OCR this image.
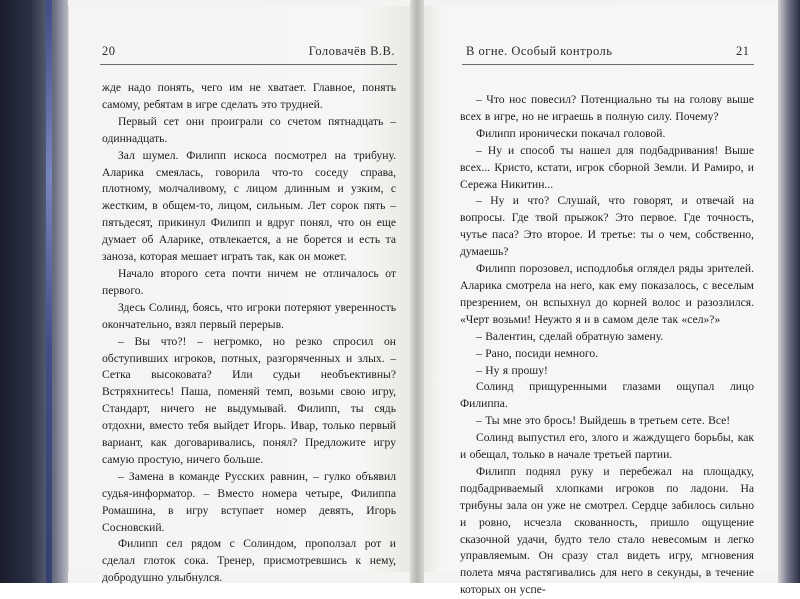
20	Головачёв В.В.	В огне. Особый контроль	21

жде надо понять, чего им не хватает. Главное, понять самому, ребятам в игре сделать это трудней.

Первый сет они проиграли со счетом пятнадцать – одиннадцать.

Зал шумел. Филипп искоса посмотрел на трибуну. Аларика смеялась, говорила что-то соседу справа, плотному, молчаливому, с лицом длинным и узким, с жестким, в общем-то, лицом, сильным. Лет сорок пять – пятьдесят, прикинул Филипп и вдруг понял, что он еще думает об Аларике, отвлекается, а не борется и есть та заноза, которая мешает играть так, как он может.

Начало второго сета почти ничем не отличалось от первого.

Здесь Солинд, боясь, что игроки потеряют уверенность окончательно, взял первый перерыв.

– Вы что?! – негромко, но резко спросил он обступивших игроков, потных, разгоряченных и злых. – Сетка высоковата? Или судьи необъективны? Встряхнитесь! Паша, поменяй темп, возьми свою игру, Стандарт, ничего не выдумывай. Филипп, ты сядь отдохни, вместо тебя выйдет Игорь. Ивар, только первый вариант, как договаривались, понял? Предложите игру самую простую, ничего больше.

– Замена в команде Русских равнин, – гулко объявил судья-информатор. – Вместо номера четыре, Филиппа Ромашина, в игру вступает номер девять, Игорь Сосновский.

Филипп сел рядом с Солиндом, проползал рот и сделал глоток сока. Тренер, присмотревшись к нему, добродушно улыбнулся.

– Что нос повесил? Потенциально ты на голову выше всех в игре, но не играешь в полную силу. Почему?

Филипп иронически покачал головой.

– Ну и способ ты нашел для подбадривания! Выше всех... Кристо, кстати, игрок сборной Земли. И Рамиро, и Сережа Никитин...

– Ну и что? Слушай, что говорят, и отвечай на вопросы. Где твой прыжок? Это первое. Где точность, чутье паса? Это второе. И третье: ты о чем, собственно, думаешь?

Филипп порозовел, исподлобья оглядел ряды зрителей. Аларика смотрела на него, как ему показалось, с веселым презрением, он вспыхнул до корней волос и разозлился. «Черт возьми! Неужто я и в самом деле так «сел»?»

– Валентин, сделай обратную замену.

– Рано, посиди немного.

– Ну я прошу!

Солинд прищуренными глазами ощупал лицо Филиппа.

– Ты мне это брось! Выйдешь в третьем сете. Все!

Солинд выпустил его, злого и жаждущего борьбы, как и обещал, только в начале третьей партии.

Филипп поднял руку и перебежал на площадку, подбадриваемый хлопками игроков по ладони. На трибуны зала он уже не смотрел. Сердце забилось сильно и ровно, исчезла скованность, пришло ощущение сказочной удачи, будто тело стало невесомым и легко управляемым. Он сразу стал видеть игру, мгновения полета мяча растягивались для него в секунды, в течение которых он успе-
